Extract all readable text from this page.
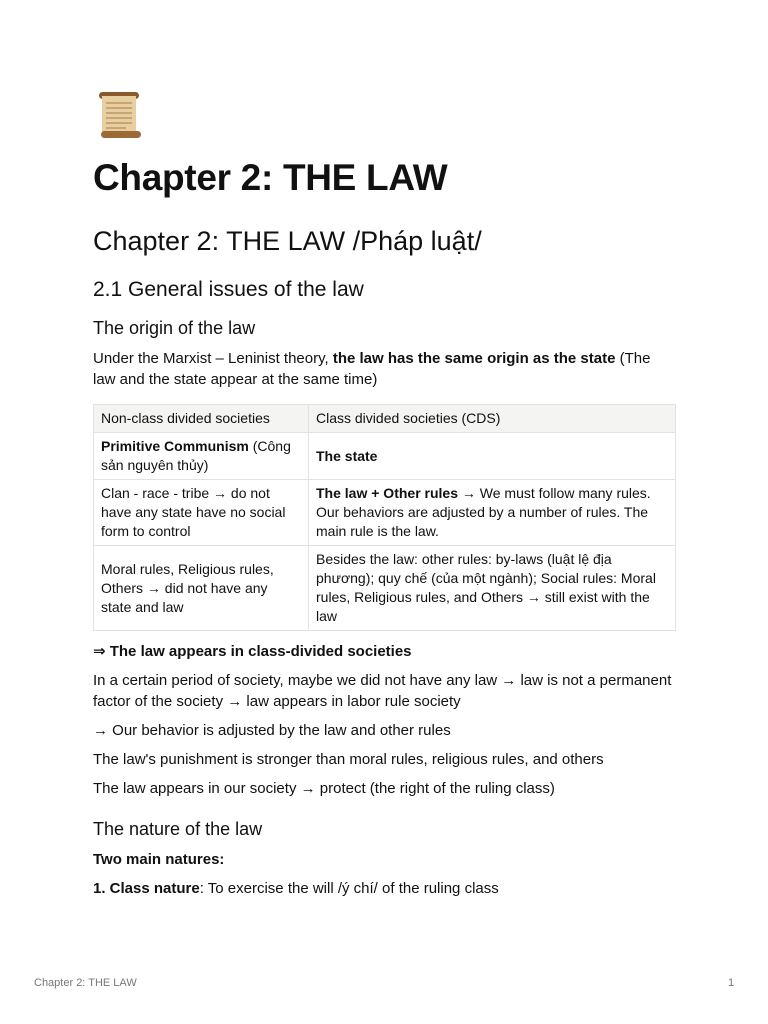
Chapter 2: THE LAW
Chapter 2: THE LAW /Pháp luật/
2.1 General issues of the law
The origin of the law

Under the Marxist – Leninist theory, the law has the same origin as the state (The law and the state appear at the same time)

Non-class divided societies	Class divided societies (CDS)
Primitive Communism (Công sản nguyên thủy)	The state
Clan - race - tribe → do not have any state have no social form to control	The law + Other rules → We must follow many rules. Our behaviors are adjusted by a number of rules. The main rule is the law.
Moral rules, Religious rules, Others → did not have any state and law	Besides the law: other rules: by-laws (luật lệ địa phương); quy chế (của một ngành); Social rules: Moral rules, Religious rules, and Others → still exist with the law

⇒ The law appears in class-divided societies

In a certain period of society, maybe we did not have any law → law is not a permanent factor of the society → law appears in labor rule society

→ Our behavior is adjusted by the law and other rules

The law's punishment is stronger than moral rules, religious rules, and others

The law appears in our society → protect (the right of the ruling class)

The nature of the law

Two main natures:

1. Class nature: To exercise the will /ý chí/ of the ruling class

Chapter 2: THE LAW	1
